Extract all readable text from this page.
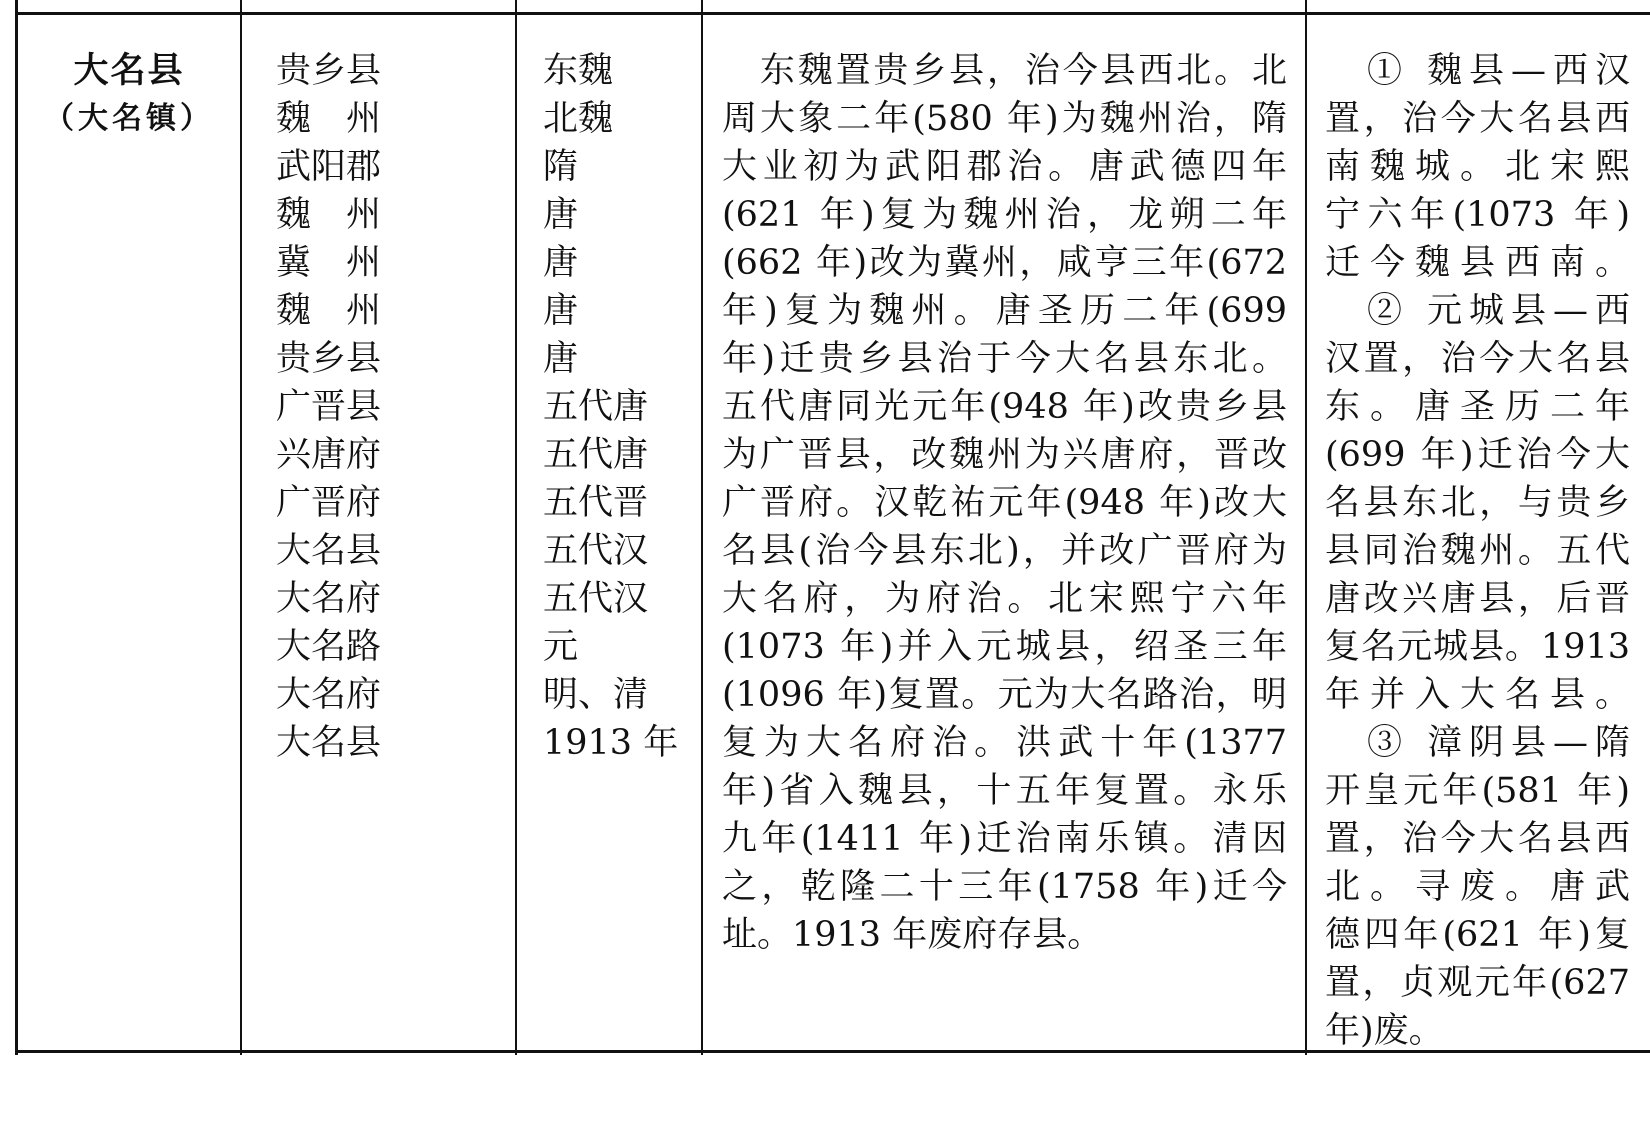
大名县
（大名镇）
贵乡县
魏　州
武阳郡
魏　州
冀　州
魏　州
贵乡县
广晋县
兴唐府
广晋府
大名县
大名府
大名路
大名府
大名县
东魏
北魏
隋
唐
唐
唐
唐
五代唐
五代唐
五代晋
五代汉
五代汉
元
明、清
1913 年
　东魏置贵乡县，治今县西北。北
周大象二年(580 年)为魏州治，隋
大业初为武阳郡治。唐武德四年
(621 年)复为魏州治，龙朔二年
(662 年)改为冀州，咸亨三年(672
年)复为魏州。唐圣历二年(699
年)迁贵乡县治于今大名县东北。
五代唐同光元年(948 年)改贵乡县
为广晋县，改魏州为兴唐府，晋改
广晋府。汉乾祐元年(948 年)改大
名县(治今县东北)，并改广晋府为
大名府，为府治。北宋熙宁六年
(1073 年)并入元城县，绍圣三年
(1096 年)复置。元为大名路治，明
复为大名府治。洪武十年(1377
年)省入魏县，十五年复置。永乐
九年(1411 年)迁治南乐镇。清因
之，乾隆二十三年(1758 年)迁今
址。1913 年废府存县。
　① 魏县—西汉
置，治今大名县西
南魏城。北宋熙
宁六年(1073 年)
迁今魏县西南。
　② 元城县—西
汉置，治今大名县
东。唐圣历二年
(699 年)迁治今大
名县东北，与贵乡
县同治魏州。五代
唐改兴唐县，后晋
复名元城县。1913
年并入大名县。
　③ 漳阴县—隋
开皇元年(581 年)
置，治今大名县西
北。寻废。唐武
德四年(621 年)复
置，贞观元年(627
年)废。
